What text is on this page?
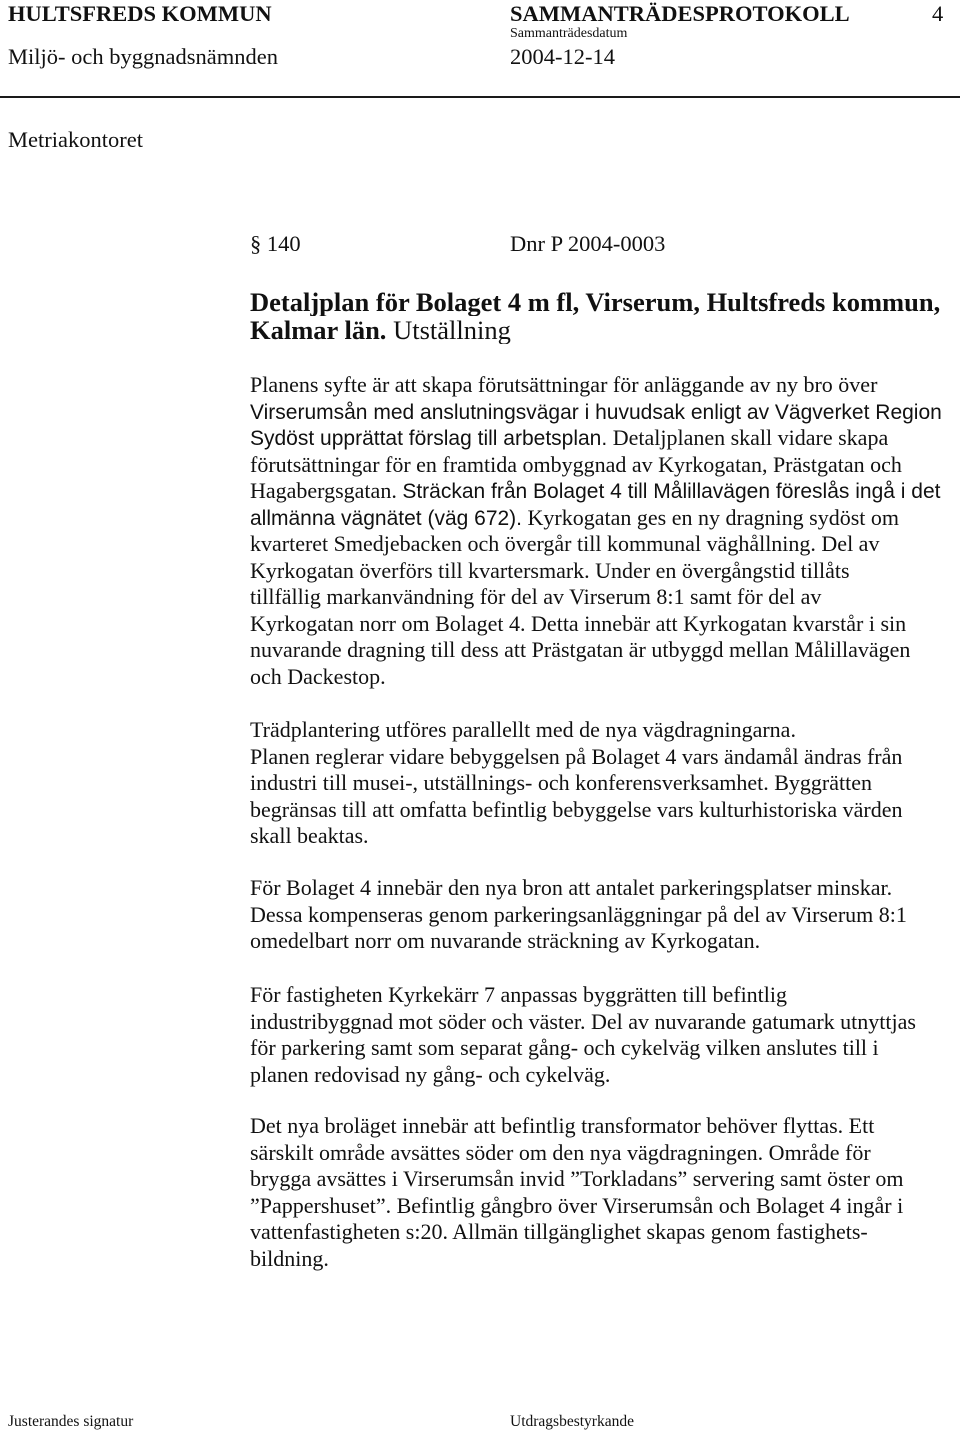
HULTSFREDS KOMMUN	SAMMANTRÄDESPROTOKOLL	4
Sammanträdesdatum
Miljö- och byggnadsnämnden	2004-12-14
Metriakontoret
§ 140	Dnr P 2004-0003
Detaljplan för Bolaget 4 m fl, Virserum, Hultsfreds kommun,
Kalmar län. Utställning
Planens syfte är att skapa förutsättningar för anläggande av ny bro över
Virserumsån med anslutningsvägar i huvudsak enligt av Vägverket Region
Sydöst upprättat förslag till arbetsplan. Detaljplanen skall vidare skapa
förutsättningar för en framtida ombyggnad av Kyrkogatan, Prästgatan och
Hagabergsgatan. Sträckan från Bolaget 4 till Målillavägen föreslås ingå i det
allmänna vägnätet (väg 672). Kyrkogatan ges en ny dragning sydöst om
kvarteret Smedjebacken och övergår till kommunal väghållning. Del av
Kyrkogatan överförs till kvartersmark. Under en övergångstid tillåts
tillfällig markanvändning för del av Virserum 8:1 samt för del av
Kyrkogatan norr om Bolaget 4. Detta innebär att Kyrkogatan kvarstår i sin
nuvarande dragning till dess att Prästgatan är utbyggd mellan Målillavägen
och Dackestop.
Trädplantering utföres parallellt med de nya vägdragningarna.
Planen reglerar vidare bebyggelsen på Bolaget 4 vars ändamål ändras från
industri till musei-, utställnings- och konferensverksamhet. Byggrätten
begränsas till att omfatta befintlig bebyggelse vars kulturhistoriska värden
skall beaktas.
För Bolaget 4 innebär den nya bron att antalet parkeringsplatser minskar.
Dessa kompenseras genom parkeringsanläggningar på del av Virserum 8:1
omedelbart norr om nuvarande sträckning av Kyrkogatan.
För fastigheten Kyrkekärr 7 anpassas byggrätten till befintlig
industribyggnad mot söder och väster. Del av nuvarande gatumark utnyttjas
för parkering samt som separat gång- och cykelväg vilken anslutes till i
planen redovisad ny gång- och cykelväg.
Det nya broläget innebär att befintlig transformator behöver flyttas. Ett
särskilt område avsättes söder om den nya vägdragningen. Område för
brygga avsättes i Virserumsån invid ”Torkladans” servering samt öster om
”Pappershuset”. Befintlig gångbro över Virserumsån och Bolaget 4 ingår i
vattenfastigheten s:20. Allmän tillgänglighet skapas genom fastighets-
bildning.
Justerandes signatur	Utdragsbestyrkande
